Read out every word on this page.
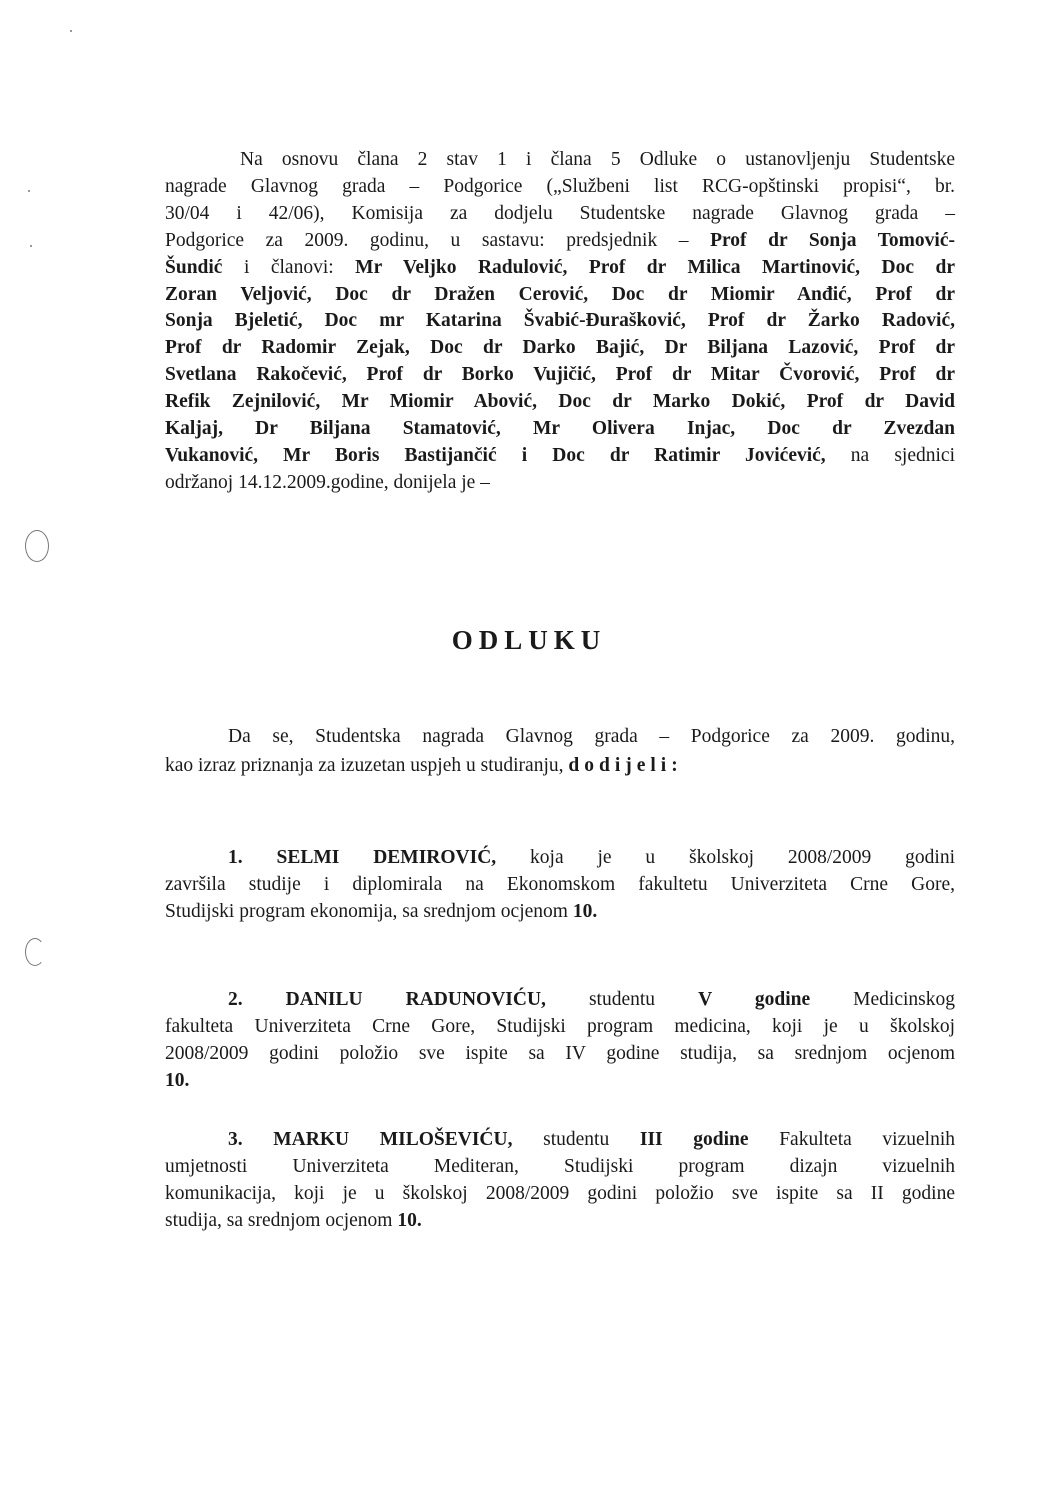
Na osnovu člana 2 stav 1 i člana 5 Odluke o ustanovljenju Studentske
nagrade Glavnog grada – Podgorice („Službeni list RCG-opštinski propisi“, br.
30/04 i 42/06), Komisija za dodjelu Studentske nagrade Glavnog grada –
Podgorice za 2009. godinu, u sastavu: predsjednik – Prof dr Sonja Tomović-
Šundić i članovi: Mr Veljko Radulović, Prof dr Milica Martinović, Doc dr
Zoran Veljović, Doc dr Dražen Cerović, Doc dr Miomir Anđić, Prof dr
Sonja Bjeletić, Doc mr Katarina Švabić-Đurašković, Prof dr Žarko Radović,
Prof dr Radomir Zejak, Doc dr Darko Bajić, Dr Biljana Lazović, Prof dr
Svetlana Rakočević, Prof dr Borko Vujičić, Prof dr Mitar Čvorović, Prof dr
Refik Zejnilović, Mr Miomir Abović, Doc dr Marko Dokić, Prof dr David
Kaljaj, Dr Biljana Stamatović, Mr Olivera Injac, Doc dr Zvezdan
Vukanović, Mr Boris Bastijančić i Doc dr Ratimir Jovićević, na sjednici
održanoj 14.12.2009.godine, donijela je –
ODLUKU
Da se, Studentska nagrada Glavnog grada – Podgorice za 2009. godinu,
kao izraz priznanja za izuzetan uspjeh u studiranju, dodijeli:
1. SELMI DEMIROVIĆ, koja je u školskoj 2008/2009 godini
završila studije i diplomirala na Ekonomskom fakultetu Univerziteta Crne Gore,
Studijski program ekonomija, sa srednjom ocjenom 10.
2. DANILU RADUNOVIĆU, studentu V godine Medicinskog
fakulteta Univerziteta Crne Gore, Studijski program medicina, koji je u školskoj
2008/2009 godini položio sve ispite sa IV godine studija, sa srednjom ocjenom
10.
3. MARKU MILOŠEVIĆU, studentu III godine Fakulteta vizuelnih
umjetnosti Univerziteta Mediteran, Studijski program dizajn vizuelnih
komunikacija, koji je u školskoj 2008/2009 godini položio sve ispite sa II godine
studija, sa srednjom ocjenom 10.
